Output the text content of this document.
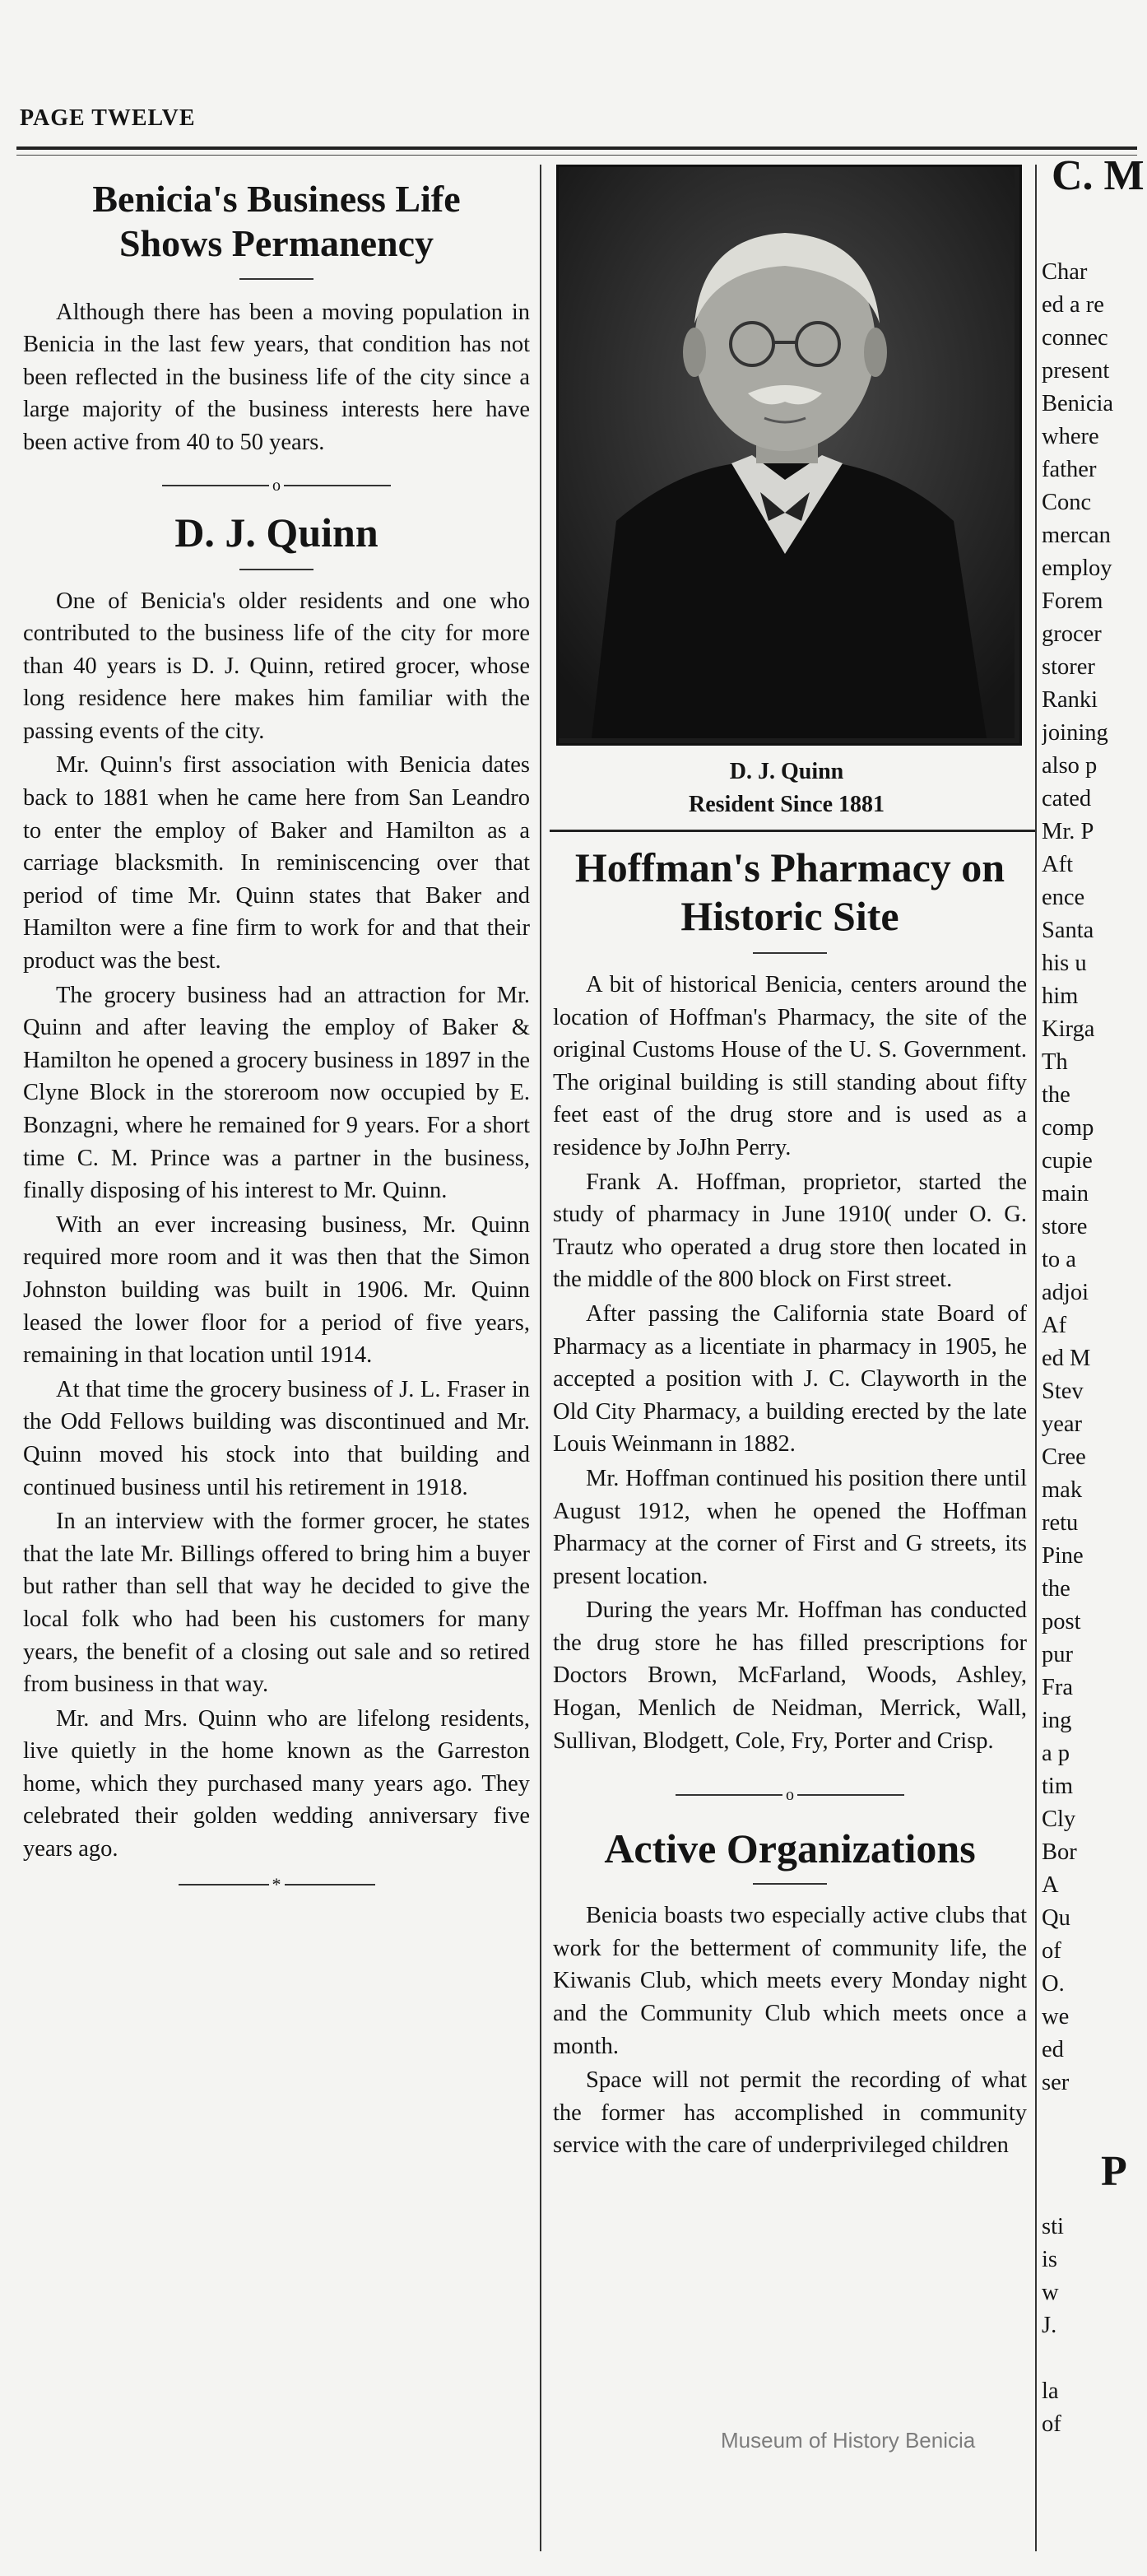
PAGE TWELVE
Benicia's Business Life
Shows Permanency

Although there has been a moving population in Benicia in the last few years, that condition has not been reflected in the business life of the city since a large majority of the business interests here have been active from 40 to 50 years.

o
D. J. Quinn

One of Benicia's older residents and one who contributed to the business life of the city for more than 40 years is D. J. Quinn, retired grocer, whose long residence here makes him familiar with the passing events of the city.

Mr. Quinn's first association with Benicia dates back to 1881 when he came here from San Leandro to enter the employ of Baker and Hamilton as a carriage blacksmith. In reminiscencing over that period of time Mr. Quinn states that Baker and Hamilton were a fine firm to work for and that their product was the best.

The grocery business had an attraction for Mr. Quinn and after leaving the employ of Baker & Hamilton he opened a grocery business in 1897 in the Clyne Block in the storeroom now occupied by E. Bonzagni, where he remained for 9 years. For a short time C. M. Prince was a partner in the business, finally disposing of his interest to Mr. Quinn.

With an ever increasing business, Mr. Quinn required more room and it was then that the Simon Johnston building was built in 1906. Mr. Quinn leased the lower floor for a period of five years, remaining in that location until 1914.

At that time the grocery business of J. L. Fraser in the Odd Fellows building was discontinued and Mr. Quinn moved his stock into that building and continued business until his retirement in 1918.

In an interview with the former grocer, he states that the late Mr. Billings offered to bring him a buyer but rather than sell that way he decided to give the local folk who had been his customers for many years, the benefit of a closing out sale and so retired from business in that way.

Mr. and Mrs. Quinn who are lifelong residents, live quietly in the home known as the Garreston home, which they purchased many years ago. They celebrated their golden wedding anniversary five years ago.

*
D. J. Quinn
Resident Since 1881
Hoffman's Pharmacy on
Historic Site

A bit of historical Benicia, centers around the location of Hoffman's Pharmacy, the site of the original Customs House of the U. S. Government. The original building is still standing about fifty feet east of the drug store and is used as a residence by JoJhn Perry.

Frank A. Hoffman, proprietor, started the study of pharmacy in June 1910( under O. G. Trautz who operated a drug store then located in the middle of the 800 block on First street.

After passing the California state Board of Pharmacy as a licentiate in pharmacy in 1905, he accepted a position with J. C. Clayworth in the Old City Pharmacy, a building erected by the late Louis Weinmann in 1882.

Mr. Hoffman continued his position there until August 1912, when he opened the Hoffman Pharmacy at the corner of First and G streets, its present location.

During the years Mr. Hoffman has conducted the drug store he has filled prescriptions for Doctors Brown, McFarland, Woods, Ashley, Hogan, Menlich de Neidman, Merrick, Wall, Sullivan, Blodgett, Cole, Fry, Porter and Crisp.

o
Active Organizations

Benicia boasts two especially active clubs that work for the betterment of community life, the Kiwanis Club, which meets every Monday night and the Community Club which meets once a month.

Space will not permit the recording of what the former has accomplished in community service with the care of underprivileged children

C. M
Char
ed a re
connec
present
Benicia
where
father
Conc
mercan
employ
Forem
grocer
storer
Ranki
joining
also p
cated
Mr. P
Aft
ence
Santa
his u
him
Kirga
Th
the
comp
cupie
main
store
to a
adjoi
Af
ed M
Stev
year
Cree
mak
retu
Pine
the
post
pur
Fra
ing
a p
tim
Cly
Bor
A
Qu
of
O.
we
ed
ser
P
sti
is
w
J.

la
of
Museum of History Benicia
